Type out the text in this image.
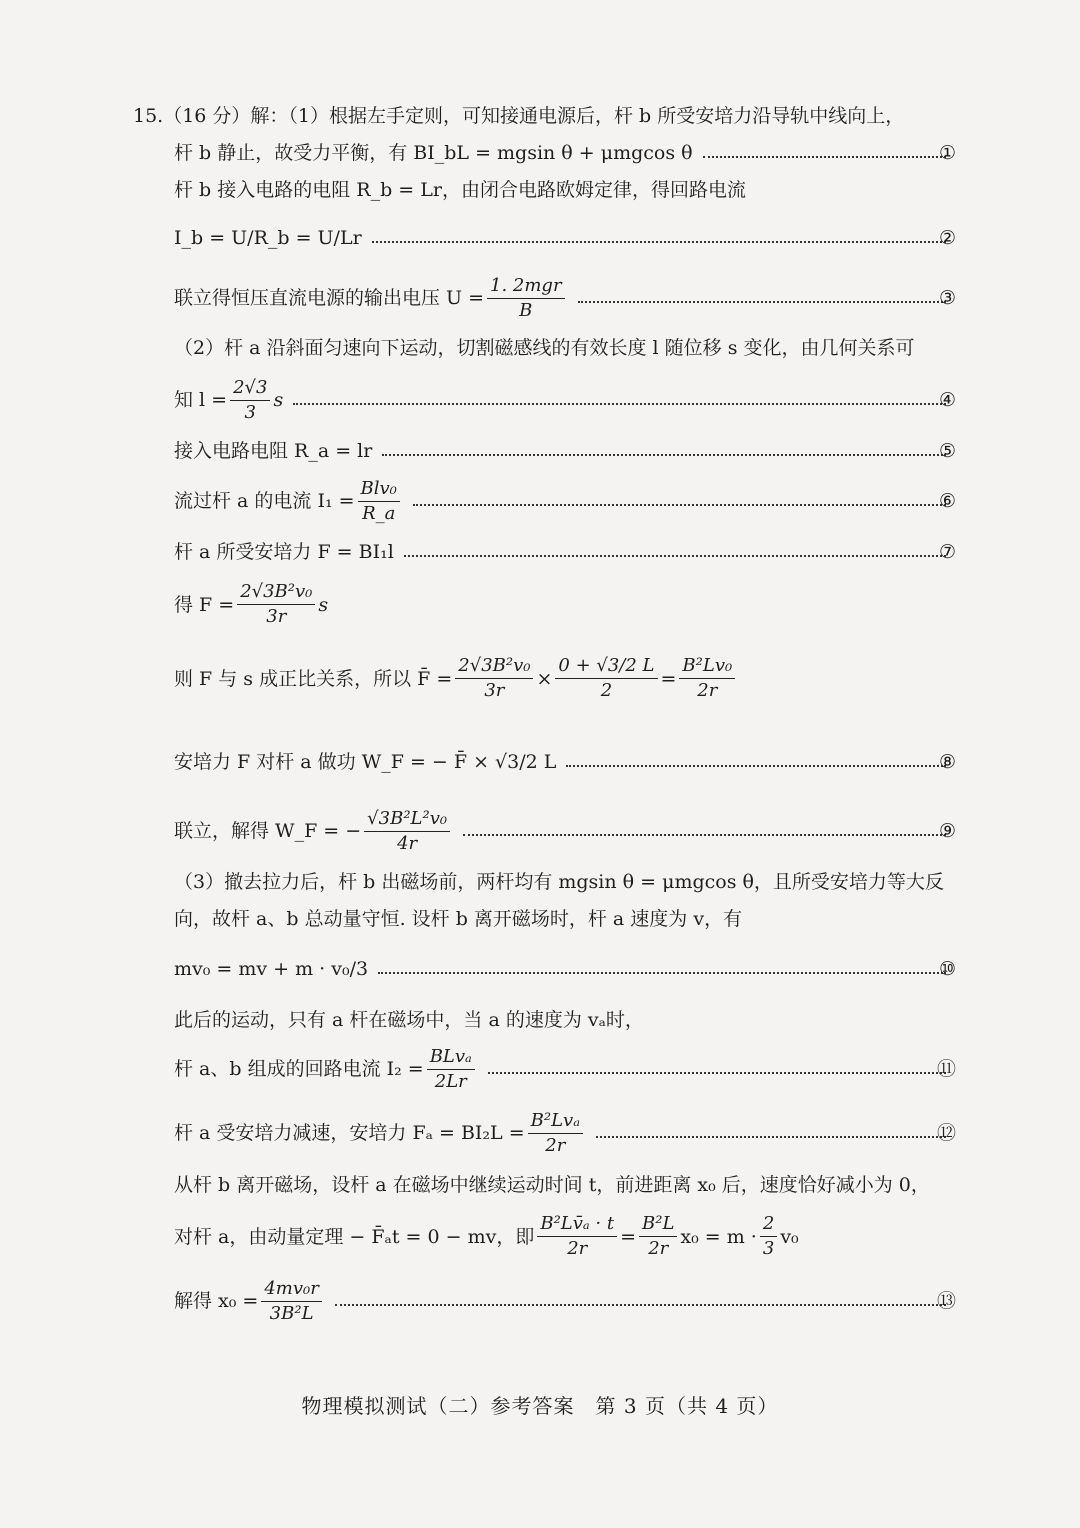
15.（16 分）解：（1）根据左手定则，可知接通电源后，杆 b 所受安培力沿导轨中线向上，
杆 b 静止，故受力平衡，有 BI_bL = mgsin θ + μmgcos θ	①
杆 b 接入电路的电阻 R_b = Lr，由闭合电路欧姆定律，得回路电流
I_b = U/R_b = U/Lr	②
联立得恒压直流电源的输出电压 $U = \frac{\text{1. 2mgr}}{B}$	③
（2）杆 a 沿斜面匀速向下运动，切割磁感线的有效长度 l 随位移 s 变化，由几何关系可
知 $l = \frac{2√3}{3}$ s	④
接入电路电阻 R_a = lr	⑤
流过杆 a 的电流 $I_1 = \frac{\text{Blv₀}}{R\_a}$	⑥
杆 a 所受安培力 F = BI₁l	⑦
得 $F = \frac{\text{2√3B²v₀}}{3r}$ s
则 F 与 s 成正比关系，所以 F̄ = $\frac{\text{2√3B²v₀}}{3r} \times \frac{0 + √3/2 L}{2} = \frac{\text{B²Lv₀}}{2r}$
安培力 F 对杆 a 做功 W_F = − F̄ × √3/2 L	⑧
联立，解得 W_F = − $\frac{\text{√3B²L²v₀}}{4r}$	⑨
（3）撤去拉力后，杆 b 出磁场前，两杆均有 mgsin θ = μmgcos θ，且所受安培力等大反
向，故杆 a、b 总动量守恒. 设杆 b 离开磁场时，杆 a 速度为 v，有
mv₀ = mv + m · v₀/3	⑩
此后的运动，只有 a 杆在磁场中，当 a 的速度为 vₐ时，
杆 a、b 组成的回路电流 $I_2 = \frac{\text{BLvₐ}}{2Lr}$	⑪
杆 a 受安培力减速，安培力 $F_a = BI_2L = \frac{\text{B²Lvₐ}}{2r}$	⑫
从杆 b 离开磁场，设杆 a 在磁场中继续运动时间 t，前进距离 x₀ 后，速度恰好减小为 0，
对杆 a，由动量定理 − F̄ₐt = 0 − mv，即 $\frac{\text{B²Lv̄ₐ · t}}{2r} = \frac{\text{B²L}}{2r} x_0 = m \cdot \frac{2}{3} v_0$
解得 $x_0 = \frac{\text{4mv₀r}}{\text{3B²L}}$	⑬
物理模拟测试（二）参考答案　第 3 页（共 4 页）
